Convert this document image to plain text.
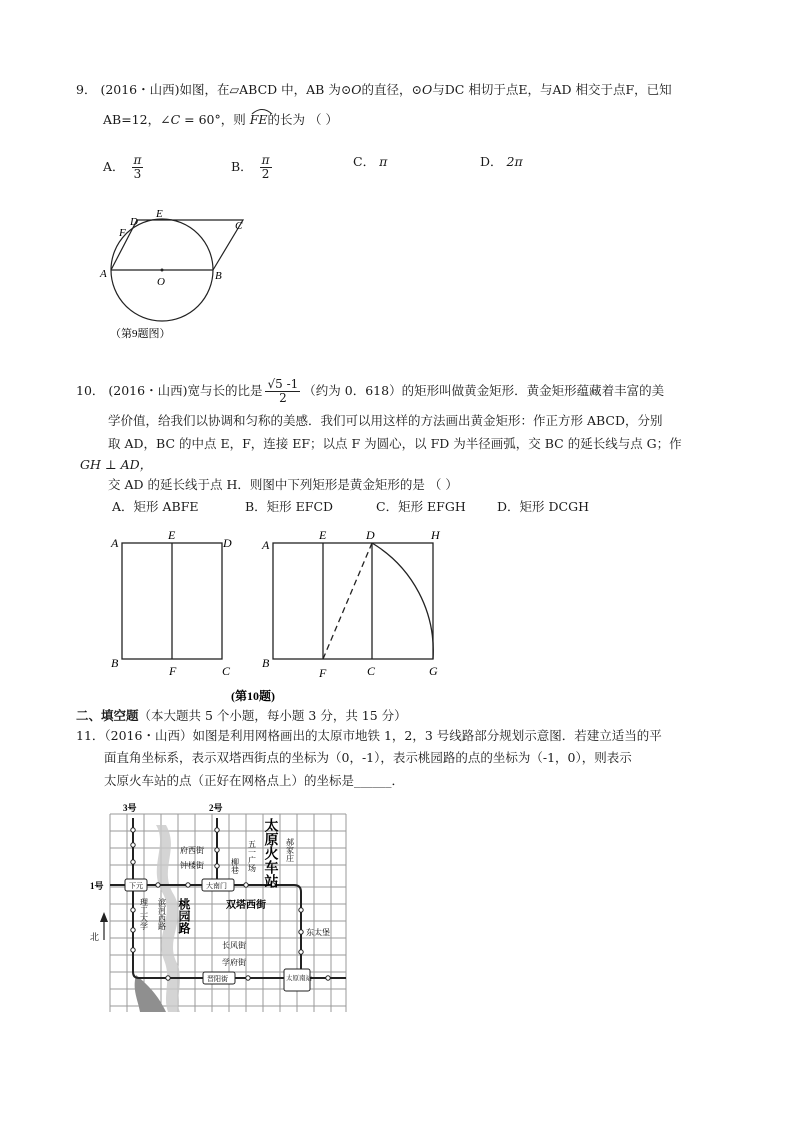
9． (2016・山西)如图，在▱ABCD 中，AB 为⊙O的直径，⊙O与DC 相切于点E，与AD 相交于点F，已知
AB=12，∠C = 60°，则 FE的长为 （ ）
A． $\frac{\pi}{3}$	B． $\frac{\pi}{2}$	C． π	D． 2π
A	B
C
D
E
F
O
（第9题图）
10． (2016・山西)宽与长的比是 $\frac{√5 -1}{2}$ （约为 0．618）的矩形叫做黄金矩形．黄金矩形蕴藏着丰富的美
学价值，给我们以协调和匀称的美感．我们可以用这样的方法画出黄金矩形：作正方形 ABCD，分别
取 AD，BC 的中点 E，F，连接 EF；以点 F 为圆心，以 FD 为半径画弧，交 BC 的延长线与点 G；作
GH ⊥ AD，
交 AD 的延长线于点 H．则图中下列矩形是黄金矩形的是 （ ）
A．矩形 ABFE	B．矩形 EFCD	C．矩形 EFGH	D．矩形 DCGH
A
E
D
B
F	C
A
E	D	H
B
F	C	G
(第10题)
二、填空题（本大题共 5 个小题，每小题 3 分，共 15 分）
11．（2016・山西）如图是利用网格画出的太原市地铁 1，2，3 号线路部分规划示意图．若建立适当的平
面直角坐标系，表示双塔西街点的坐标为（0，-1），表示桃园路的点的坐标为（-1，0），则表示
太原火车站的点（正好在网格点上）的坐标是______．
3号	2号
1号
北
下元	大南门
晋阳街	太原南站
府西街
钟楼街
理工大学 滨河西路 桃园路
柳巷 五一广场 太原火车站 郝家庄
双塔西街
东太堡
长风街
学府街
